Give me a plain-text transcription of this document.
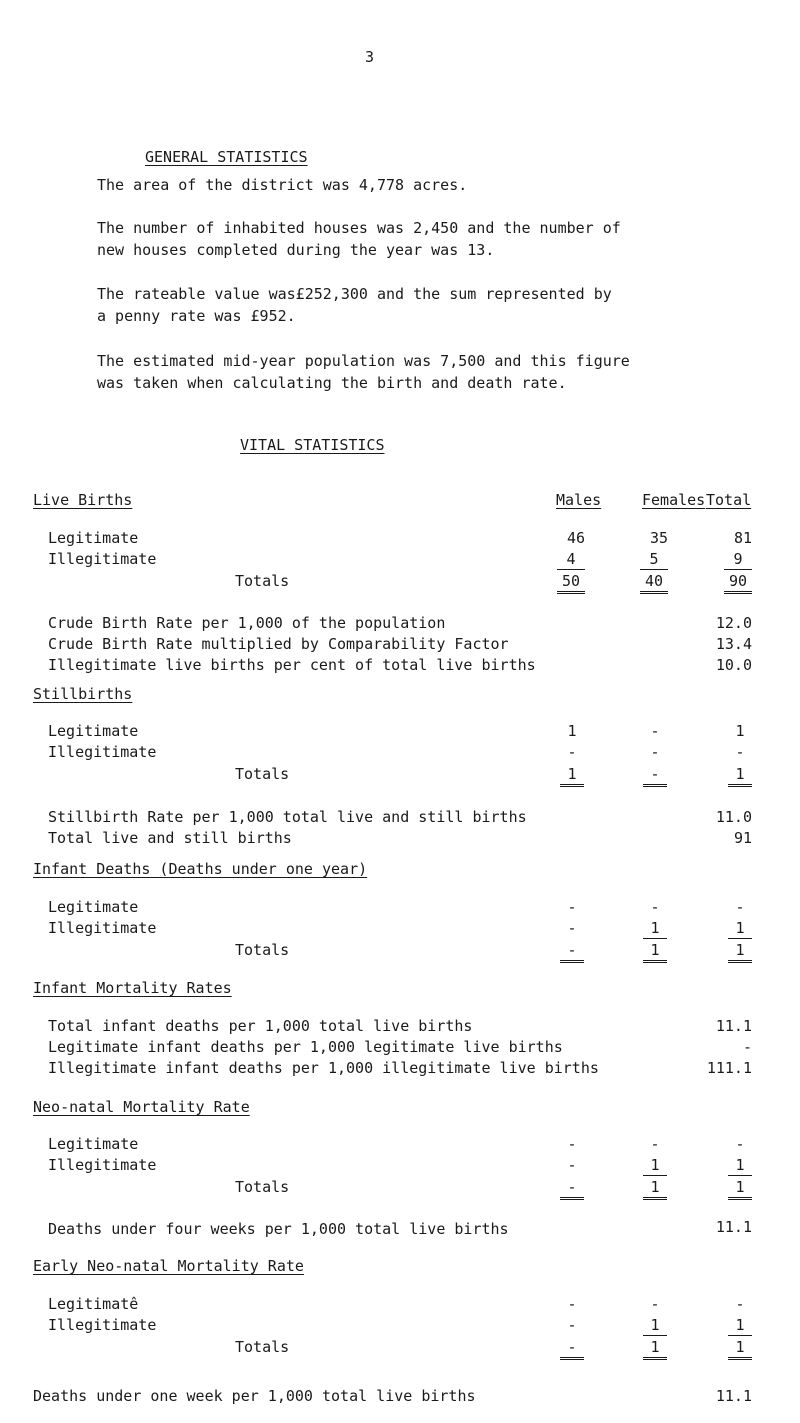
3
GENERAL STATISTICS
The area of the district was 4,778 acres.
The number of inhabited houses was 2,450 and the number of
new houses completed during the year was 13.
The rateable value was£252,300 and the sum represented by
a penny rate was £952.
The estimated mid-year population was 7,500 and this figure
was taken when calculating the birth and death rate.
VITAL STATISTICS
Live Births	Males	Females Total
Legitimate	46	35	81
Illegitimate	4	5	9
Totals	50	40	90
Crude Birth Rate per 1,000 of the population	12.0
Crude Birth Rate multiplied by Comparability Factor	13.4
Illegitimate live births per cent of total live births	10.0
Stillbirths
Legitimate	1	-	1
Illegitimate	-	-	-
Totals	1	-	1
Stillbirth Rate per 1,000 total live and still births	11.0
Total live and still births	91
Infant Deaths (Deaths under one year)
Legitimate	-	-	-
Illegitimate	-	1	1
Totals	-	1	1
Infant Mortality Rates
Total infant deaths per 1,000 total live births	11.1
Legitimate infant deaths per 1,000 legitimate live births	-
Illegitimate infant deaths per 1,000 illegitimate live births	111.1
Neo-natal Mortality Rate
Legitimate	-	-	-
Illegitimate	-	1	1
Totals	-	1	1
Deaths under four weeks per 1,000 total live births	11.1
Early Neo-natal Mortality Rate
Legitimatê	-	-	-
Illegitimate	-	1	1
Totals	-	1	1
Deaths under one week per 1,000 total live births	11.1
